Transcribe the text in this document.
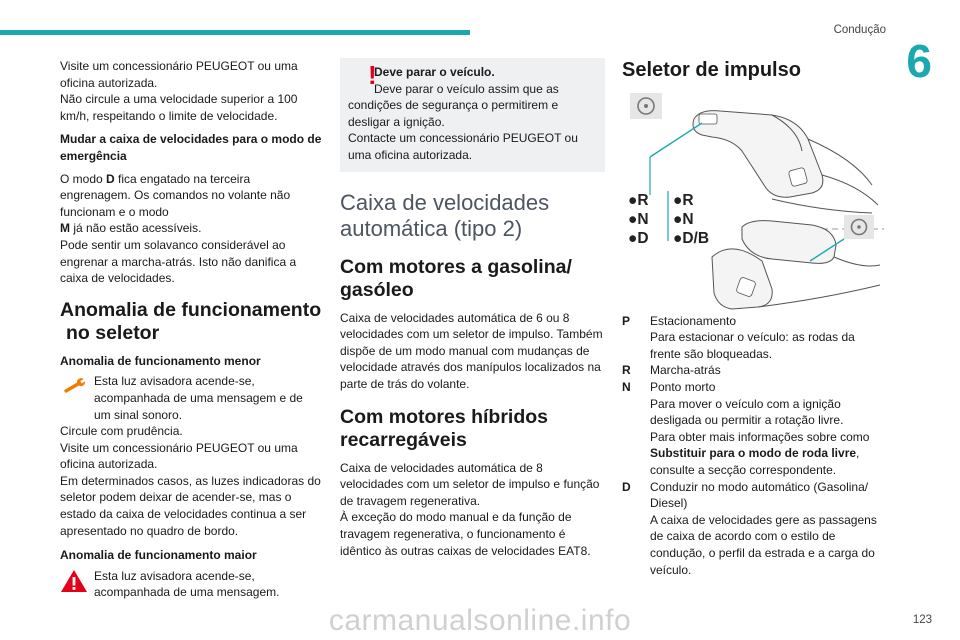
Condução
6

Visite um concessionário PEUGEOT ou uma oficina autorizada.

Não circule a uma velocidade superior a 100 km/h, respeitando o limite de velocidade.

Mudar a caixa de velocidades para o modo de emergência

O modo D fica engatado na terceira engrenagem. Os comandos no volante não funcionam e o modo
M já não estão acessíveis.

Pode sentir um solavanco considerável ao engrenar a marcha-atrás. Isto não danifica a caixa de velocidades.

Anomalia de funcionamento
no seletor

Anomalia de funcionamento menor

Esta luz avisadora acende-se, acompanhada de uma mensagem e de um sinal sonoro.

Circule com prudência.

Visite um concessionário PEUGEOT ou uma oficina autorizada.

Em determinados casos, as luzes indicadoras do seletor podem deixar de acender-se, mas o estado da caixa de velocidades continua a ser apresentado no quadro de bordo.

Anomalia de funcionamento maior

Esta luz avisadora acende-se, acompanhada de uma mensagem.

!

Deve parar o veículo.

Deve parar o veículo assim que as condições de segurança o permitirem e desligar a ignição.

Contacte um concessionário PEUGEOT ou uma oficina autorizada.

Caixa de velocidades automática (tipo 2)
Com motores a gasolina/ gasóleo

Caixa de velocidades automática de 6 ou 8 velocidades com um seletor de impulso. Também dispõe de um modo manual com mudanças de velocidade através dos manípulos localizados na parte de trás do volante.

Com motores híbridos recarregáveis

Caixa de velocidades automática de 8 velocidades com um seletor de impulso e função de travagem regenerativa.

À exceção do modo manual e da função de travagem regenerativa, o funcionamento é idêntico às outras caixas de velocidades EAT8.

Seletor de impulso
●R
●N
●D
●R
●N
●D/B
P	Estacionamento

Para estacionar o veículo: as rodas da frente são bloqueadas.

R	Marcha-atrás

N	Ponto morto

Para mover o veículo com a ignição desligada ou permitir a rotação livre.

Para obter mais informações sobre como Substituir para o modo de roda livre, consulte a secção correspondente.

D	Conduzir no modo automático (Gasolina/ Diesel)

A caixa de velocidades gere as passagens de caixa de acordo com o estilo de condução, o perfil da estrada e a carga do veículo.

123
carmanualsonline.info
